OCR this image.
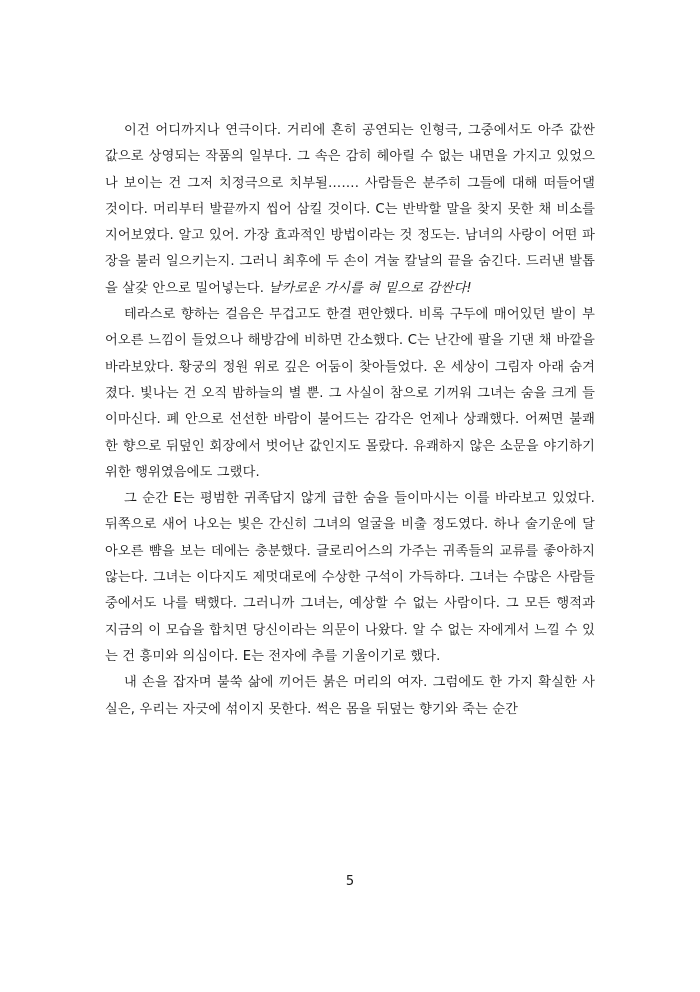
이건 어디까지나 연극이다. 거리에 흔히 공연되는 인형극, 그중에서도 아주 값싼 값으로 상영되는 작품의 일부다. 그 속은 감히 헤아릴 수 없는 내면을 가지고 있었으나 보이는 건 그저 치정극으로 치부될……. 사람들은 분주히 그들에 대해 떠들어댈 것이다. 머리부터 발끝까지 씹어 삼킬 것이다. C는 반박할 말을 찾지 못한 채 비소를 지어보였다. 알고 있어. 가장 효과적인 방법이라는 것 정도는. 남녀의 사랑이 어떤 파장을 불러 일으키는지. 그러니 최후에 두 손이 겨눌 칼날의 끝을 숨긴다. 드러낸 발톱을 살갗 안으로 밀어넣는다. 날카로운 가시를 혀 밑으로 감싼다!

테라스로 향하는 걸음은 무겁고도 한결 편안했다. 비록 구두에 매어있던 발이 부어오른 느낌이 들었으나 해방감에 비하면 간소했다. C는 난간에 팔을 기댄 채 바깥을 바라보았다. 황궁의 정원 위로 깊은 어둠이 찾아들었다. 온 세상이 그림자 아래 숨겨졌다. 빛나는 건 오직 밤하늘의 별 뿐. 그 사실이 참으로 기꺼워 그녀는 숨을 크게 들이마신다. 폐 안으로 선선한 바람이 불어드는 감각은 언제나 상쾌했다. 어쩌면 불쾌한 향으로 뒤덮인 회장에서 벗어난 값인지도 몰랐다. 유쾌하지 않은 소문을 야기하기 위한 행위였음에도 그랬다.

그 순간 E는 평범한 귀족답지 않게 급한 숨을 들이마시는 이를 바라보고 있었다. 뒤쪽으로 새어 나오는 빛은 간신히 그녀의 얼굴을 비출 정도였다. 하나 술기운에 달아오른 뺨을 보는 데에는 충분했다. 글로리어스의 가주는 귀족들의 교류를 좋아하지 않는다. 그녀는 이다지도 제멋대로에 수상한 구석이 가득하다. 그녀는 수많은 사람들 중에서도 나를 택했다. 그러니까 그녀는, 예상할 수 없는 사람이다. 그 모든 행적과 지금의 이 모습을 합치면 당신이라는 의문이 나왔다. 알 수 없는 자에게서 느낄 수 있는 건 흥미와 의심이다. E는 전자에 추를 기울이기로 했다.

내 손을 잡자며 불쑥 삶에 끼어든 붉은 머리의 여자. 그럼에도 한 가지 확실한 사실은, 우리는 자긋에 섞이지 못한다. 썩은 몸을 뒤덮는 향기와 죽는 순간

5
